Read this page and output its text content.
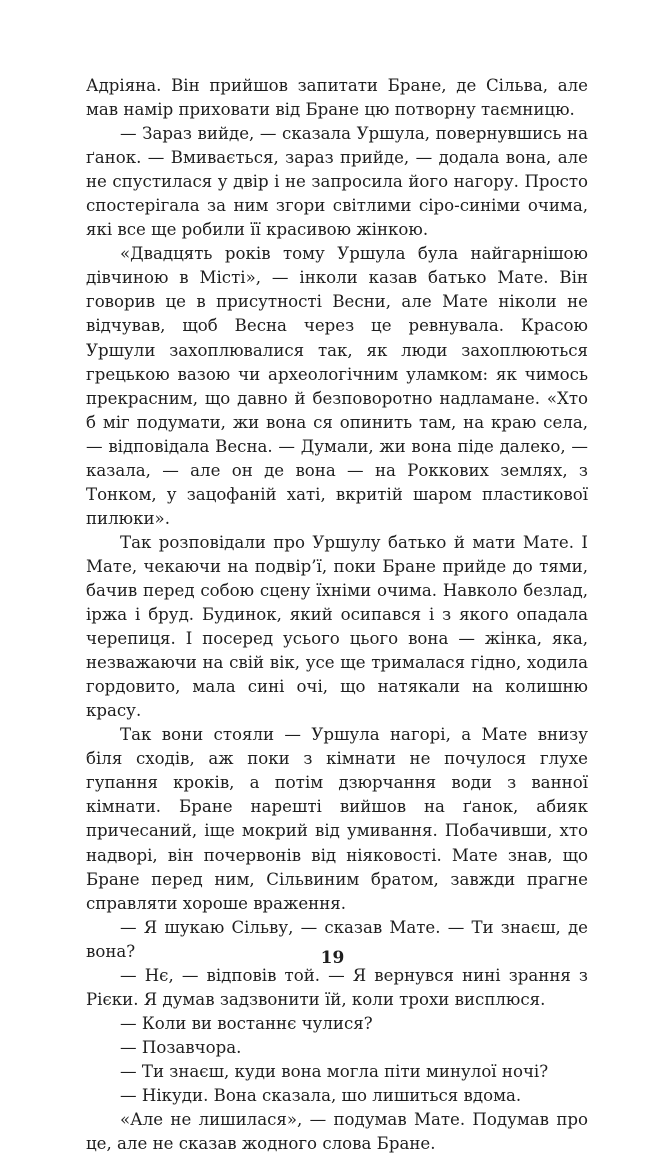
Адріяна. Він прийшов запитати Бране, де Сільва, але мав намір приховати від Бране цю потворну таємницю.

— Зараз вийде, — сказала Уршула, повернувшись на ґанок. — Вмивається, зараз прийде, — додала вона, але не спустилася у двір і не запросила його нагору. Просто спостерігала за ним згори світлими сіро-синіми очима, які все ще робили її красивою жінкою.

«Двадцять років тому Уршула була найгарнішою дівчиною в Місті», — інколи казав батько Мате. Він говорив це в присутності Весни, але Мате ніколи не відчував, щоб Весна через це ревнувала. Красою Уршули захоплювалися так, як люди захоплюються грецькою вазою чи археологічним уламком: як чимось прекрасним, що давно й безповоротно надламане. «Хто б міг подумати, жи вона ся опинить там, на краю села, — відповідала Весна. — Думали, жи вона піде далеко, — казала, — але он де вона — на Роккових землях, з Тонком, у зацофаній хаті, вкритій шаром пластикової пилюки».

Так розповідали про Уршулу батько й мати Мате. І Мате, чекаючи на подвір’ї, поки Бране прийде до тями, бачив перед собою сцену їхніми очима. Навколо безлад, іржа і бруд. Будинок, який осипався і з якого опадала черепиця. І посеред усього цього вона — жінка, яка, незважаючи на свій вік, усе ще трималася гідно, ходила гордовито, мала сині очі, що натякали на колишню красу.

Так вони стояли — Уршула нагорі, а Мате внизу біля сходів, аж поки з кімнати не почулося глухе гупання кроків, а потім дзюрчання води з ванної кімнати. Бране нарешті вийшов на ґанок, абияк причесаний, іще мокрий від умивання. Побачивши, хто надворі, він почервонів від ніяковості. Мате знав, що Бране перед ним, Сільвиним братом, завжди прагне справляти хороше враження.

— Я шукаю Сільву, — сказав Мате. — Ти знаєш, де вона?

— Нє, — відповів той. — Я вернувся нині зрання з Рієки. Я думав задзвонити їй, коли трохи висплюся.

— Коли ви востаннє чулися?

— Позавчора.

— Ти знаєш, куди вона могла піти минулої ночі?

— Нікуди. Вона сказала, шо лишиться вдома.

«Але не лишилася», — подумав Мате. Подумав про це, але не сказав жодного слова Бране.

19
